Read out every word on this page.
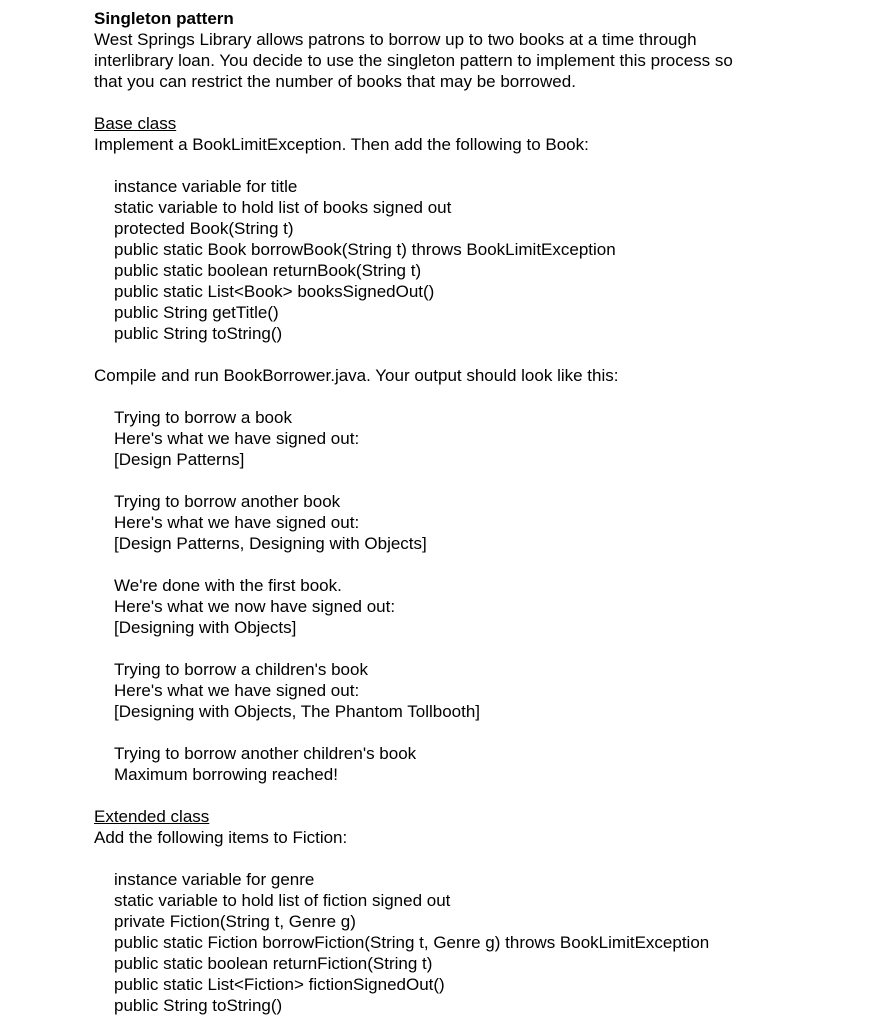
Singleton pattern
West Springs Library allows patrons to borrow up to two books at a time through
interlibrary loan. You decide to use the singleton pattern to implement this process so
that you can restrict the number of books that may be borrowed.
Base class
Implement a BookLimitException. Then add the following to Book:
instance variable for title
static variable to hold list of books signed out
protected Book(String t)
public static Book borrowBook(String t) throws BookLimitException
public static boolean returnBook(String t)
public static List<Book> booksSignedOut()
public String getTitle()
public String toString()
Compile and run BookBorrower.java. Your output should look like this:
Trying to borrow a book
Here's what we have signed out:
[Design Patterns]
Trying to borrow another book
Here's what we have signed out:
[Design Patterns, Designing with Objects]
We're done with the first book.
Here's what we now have signed out:
[Designing with Objects]
Trying to borrow a children's book
Here's what we have signed out:
[Designing with Objects, The Phantom Tollbooth]
Trying to borrow another children's book
Maximum borrowing reached!
Extended class
Add the following items to Fiction:
instance variable for genre
static variable to hold list of fiction signed out
private Fiction(String t, Genre g)
public static Fiction borrowFiction(String t, Genre g) throws BookLimitException
public static boolean returnFiction(String t)
public static List<Fiction> fictionSignedOut()
public String toString()
